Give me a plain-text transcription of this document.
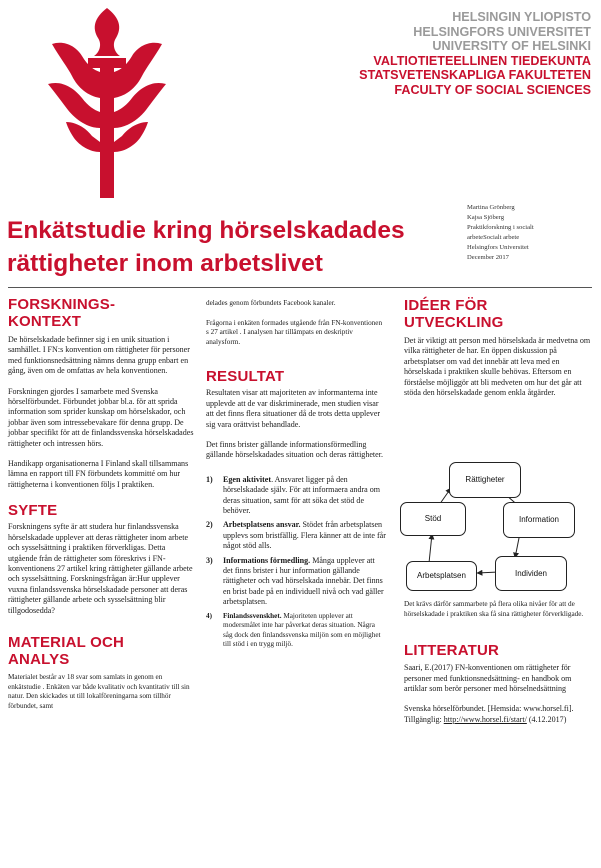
HELSINGIN YLIOPISTO
HELSINGFORS UNIVERSITET
UNIVERSITY OF HELSINKI
VALTIOTIETEELLINEN TIEDEKUNTA
STATSVETENSKAPLIGA FAKULTETEN
FACULTY OF SOCIAL SCIENCES
Enkätstudie kring hörselskadades
rättigheter inom arbetslivet
Martina Grönberg
Kajsa Sjöberg
Praktikforskning i socialt
arbeteSocialt arbete
Helsingfors Universitet
December 2017
FORSKNINGS-
KONTEXT

De hörselskadade befinner sig i en unik situation i samhället. I FN:s konvention om rättigheter för personer med funktionsnedsättning nämns denna grupp enbart en gång, även om de omfattas av hela konventionen.

Forskningen gjordes I samarbete med Svenska hörselförbundet. Förbundet jobbar bl.a. för att sprida information som sprider kunskap om hörselskador, och jobbar även som intressebevakare för denna grupp. De jobbar specifikt för att de finlandssvenska hörselskadades rättigheter och intressen hörs.

Handikapp organisationerna I Finland skall tillsammans lämna en rapport till FN förbundets kommitté om hur rättigheterna i konventionen följs I praktiken.

SYFTE

Forskningens syfte är att studera hur finlandssvenska hörselskadade upplever att deras rättigheter inom arbete och sysselsättning i praktiken förverkligas. Detta utgående från de rättigheter som föreskrivs i FN-konventionens 27 artikel kring rättigheter gällande arbete och sysselsättning. Forskningsfrågan är:Hur upplever vuxna finlandssvenska hörselskadade personer att deras rättigheter gällande arbete och sysselsättning blir tillgodosedda?

MATERIAL OCH
ANALYS

Materialet består av 18 svar som samlats in genom en enkätstudie . Enkäten var både kvalitativ och kvantitativ till sin natur. Den skickades ut till lokalföreningarna som tillhör förbundet, samt

delades genom förbundets Facebook kanaler.

Frågorna i enkäten formades utgående från FN-konventionen s 27 artikel . I analysen har tillämpats en deskriptiv analysform.

RESULTAT

Resultaten visar att majoriteten av informanterna inte upplevde att de var diskriminerade, men studien visar att det finns flera situationer då de trots detta upplever sig vara orättvist behandlade.

Det finns brister gällande informationsförmedling gällande hörselskadades situation och deras rättigheter.

1) Egen aktivitet. Ansvaret ligger på den hörselskadade själv. För att informaera andra om deras situation, samt för att söka det stöd de behöver.
2) Arbetsplatsens ansvar. Stödet från arbetsplatsen upplevs som bristfällig. Flera känner att de inte får något stöd alls.
3) Informations förmedling. Många upplever att det finns brister i hur information gällande rättigheter och vad hörselskada innebär. Det finns en brist bade på en individuell nivå och vad gäller arbetsplatsen.
4) Finlandssvenskhet. Majoriteten upplever att modersmålet inte har påverkat deras situation. Några såg dock den finlandssvenska miljön som en möjlighet till stöd i en trygg miljö.
IDÉER FÖR
UTVECKLING

Det är viktigt att person med hörselskada är medvetna om vilka rättigheter de har. En öppen diskussion på arbetsplatser om vad det innebär att leva med en hörselskada i praktiken skulle behövas. Eftersom en förståelse möjliggör att bli medveten om hur det går att stöda den hörselskadade genom enkla åtgärder.

Rättigheter
Stöd	Information
Individen
Arbetsplatsen

Det krävs därför sammarbete på flera olika nivåer för att de hörselskadade i praktiken ska få sina rättigheter förverkligade.

LITTERATUR

Saari, E.(2017) FN-konventionen om rättigheter för personer med funktionsnedsättning- en handbok om artiklar som berör personer med hörselnedsättning

Svenska hörselförbundet. [Hemsida: www.horsel.fi]. Tillgänglig: http://www.horsel.fi/start/ (4.12.2017)
